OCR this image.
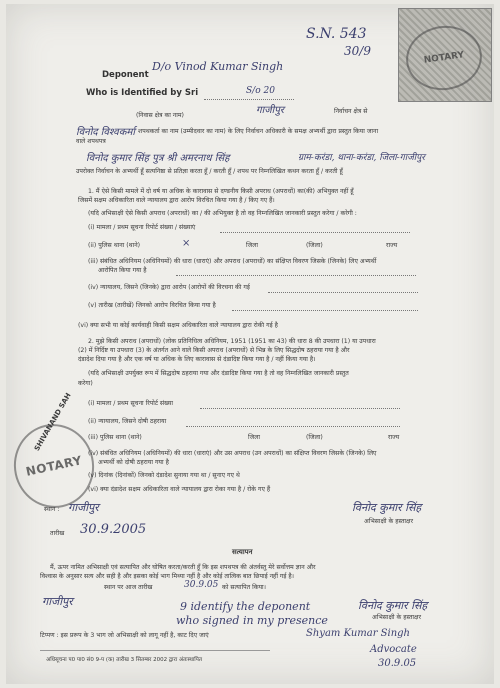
NOTARY
Deponent
D/o Vinod Kumar Singh
S.N. 543
30/9
Who is Identified by Sri	S/o 20
(निवास क्षेत्र का नाम)	गाजीपुर	निर्वाचन क्षेत्र से
विनोद विश्वकर्मा शपथकर्ता का नाम (उम्मीदवार का नाम) के लिए निर्वाचन अधिकारी के समक्ष अभ्यर्थी द्वारा प्रस्तुत किया जाना
वाले शपथपत्र
विनोद कुमार सिंह पुत्र श्री अमरनाथ सिंह	ग्राम-करंडा, थाना-करंडा, जिला-गाजीपुर
उपरोक्त निर्वाचन के अभ्यर्थी हूँ सत्यनिष्ठा से प्रतिज्ञा करता हूँ / करती हूँ / शपथ पर निम्नलिखित कथन करता हूँ / करती हूँ
1. मैं ऐसे किसी मामले में दो वर्ष या अधिक के कारावास से दण्डनीय किसी अपराध (अपराधों) का(की) अभियुक्त नहीं हूँ
जिसमें सक्षम अधिकारिता वाले न्यायालय द्वारा आरोप विरचित किया गया है / किए गए हैं।
(यदि अभिसाक्षी ऐसे किसी अपराध (अपराधों) का / की अभियुक्त है तो वह निम्नलिखित जानकारी प्रस्तुत करेगा / करेगी :
(i) मामला / प्रथम सूचना रिपोर्ट संख्या / संख्याएं
(ii) पुलिस थाना (थाने)	×	जिला	(जिला)	राज्य
(iii) संबंधित अधिनियम (अधिनियमों) की धारा (धाराएं) और अपराध (अपराधों) का संक्षिप्त विवरण जिसके (जिनके) लिए अभ्यर्थी
आरोपित किया गया है
(iv) न्यायालय, जिसने (जिनके) द्वारा आरोप (आरोपों की विरचना की गई
(v) तारीख (तारीखें) जिनको आरोप विरचित किया गया है
(vi) क्या सभी या कोई कार्यवाही किसी सक्षम अधिकारिता वाले न्यायालय द्वारा रोकी गई है
2. मुझे किसी अपराध (अपराधों) (लोक प्रतिनिधित्व अधिनियम, 1951 (1951 का 43) की धारा 8 की उपधारा (1) या उपधारा
(2) में निर्दिष्ट या उपधारा (3) के अंतर्गत आने वाले किसी अपराध (अपराधों) से भिन्न के लिए सिद्धदोष ठहराया गया है और
दंडादेश दिया गया है और एक वर्ष या अधिक के लिए कारावास से दंडादिष्ट किया गया है / नहीं किया गया है।
(यदि अभिसाक्षी उपर्युक्त रूप में सिद्धदोष ठहराया गया और दंडादिष्ट किया गया है तो वह निम्नलिखित जानकारी प्रस्तुत
करेगा)
(i) मामला / प्रथम सूचना रिपोर्ट संख्या
(ii) न्यायालय, जिसने दोषी ठहराया
(iii) पुलिस थाना (थाने)	जिला	(जिला)	राज्य
(iv) संबंधित अधिनियम (अधिनियमों) की धारा (धाराएं) और उस अपराध (उन अपराधों) का संक्षिप्त विवरण जिसके (जिनके) लिए
अभ्यर्थी को दोषी ठहराया गया है
(v) दिनांक (दिनांकों) जिनको दंडादेश सुनाया गया था / सुनाए गए थे
(vi) क्या दंडादेश सक्षम अधिकारिता वाले न्यायालय द्वारा रोका गया है / रोके गए हैं
NOTARY
SHIVANAND SAH
स्थान : गाजीपुर
तारीख 30.9.2005
विनोद कुमार सिंह
अभिसाक्षी के हस्ताक्षर
सत्यापन
मैं, ऊपर नामित अभिसाक्षी एवं सत्यापित और घोषित करता/करती हूँ कि इस शपथपत्र की अंतर्वस्तु मेरे सर्वोत्तम ज्ञान और
विश्वास के अनुसार सत्य और सही है और इसका कोई भाग मिथ्या नहीं है और कोई तात्विक बात छिपाई नहीं गई है।
स्थान पर आज तारीख	30.9.05 को सत्यापित किया।
गाजीपुर	9 identify the deponent
who signed in my presence
विनोद कुमार सिंह
अभिसाक्षी के हस्ताक्षर
टिप्पण : इस प्ररूप के 3 भाग जो अभिसाक्षी को लागू नहीं है, काट दिए जाएं	Shyam Kumar Singh
Advocate
30.9.05
अधिसूचना प0 पा0 सं0 9-प (क) तारीख 3 सितम्बर 2002 द्वारा अंतःस्थापित
